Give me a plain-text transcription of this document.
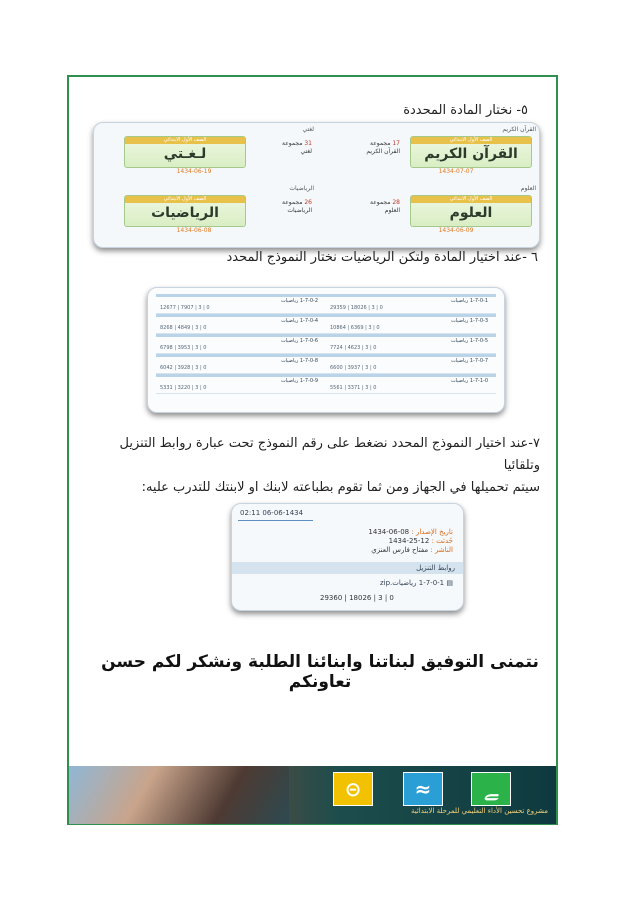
٥- نختار المادة المحددة
القرآن الكريم
الصف الأول الابتدائي
القرآن الكريم
17 مجموعة
القرآن الكريم
1434-07-07
لغتي
الصف الأول الابتدائي
لـغـتي
31 مجموعة
لغتي
1434-06-19
العلوم
الصف الأول الابتدائي
العلوم
28 مجموعة
العلوم
1434-06-09
الرياضيات
الصف الأول الابتدائي
الرياضيات
26 مجموعة
الرياضيات
1434-06-08
٦ -عند اختيار المادة ولتكن الرياضيات نختار النموذج المحدد
1-7-0-1 رياضيات
29359 | 18026 | 3 | 0
1-7-0-3 رياضيات
10864 | 6369 | 3 | 0
1-7-0-5 رياضيات
7724 | 4623 | 3 | 0
1-7-0-7 رياضيات
6600 | 3937 | 3 | 0
1-7-1-0 رياضيات
5561 | 3371 | 3 | 0
1-7-0-2 رياضيات
12677 | 7907 | 3 | 0
1-7-0-4 رياضيات
8268 | 4849 | 3 | 0
1-7-0-6 رياضيات
6798 | 3953 | 3 | 0
1-7-0-8 رياضيات
6042 | 3928 | 3 | 0
1-7-0-9 رياضيات
5331 | 3220 | 3 | 0
٧-عند اختيار النموذج المحدد نضغط على رقم النموذج تحت عبارة روابط التنزيل وتلقائيا
سيتم تحميلها في الجهاز ومن ثما تقوم بطباعته لابنك او لابنتك للتدرب عليه:
02:11 06-06-1434
تاريخ الإصدار : 08-06-1434
حُدثت : 12-25-1434
الناشر : مفتاح فارس العنزي
روابط التنزيل
▤ 1-7-0-1 رياضيات.zip
29360 | 18026 | 3 | 0
نتمنى التوفيق لبناتنا وابنائنا الطلبة ونشكر لكم حسن تعاونكم
⊝	≈	ﮯ
مشروع تحسين الأداء التعليمي للمرحلة الابتدائية
